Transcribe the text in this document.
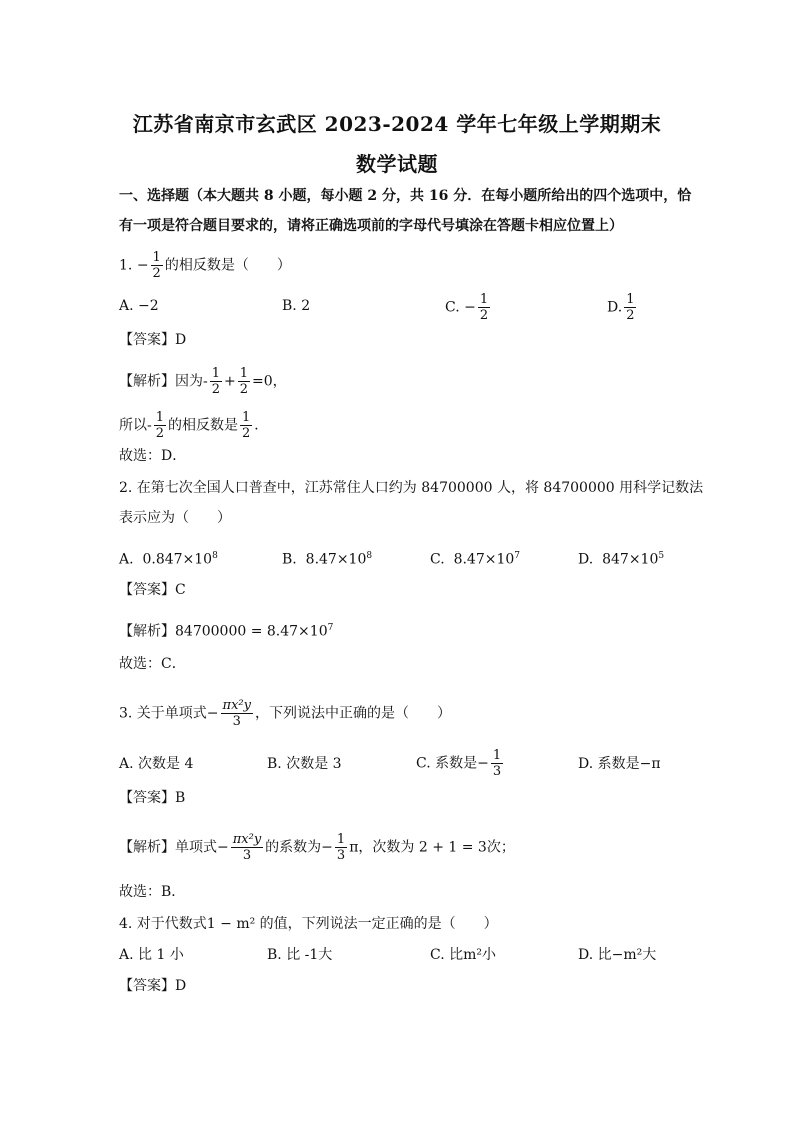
江苏省南京市玄武区 2023-2024 学年七年级上学期期末
数学试题
一、选择题（本大题共 8 小题，每小题 2 分，共 16 分．在每小题所给出的四个选项中，恰
有一项是符合题目要求的，请将正确选项前的字母代号填涂在答题卡相应位置上）
1. − $\frac{1}{2}$ 的相反数是（　　）
A. −2	B. 2	C. − $\frac{1}{2}$	D. $\frac{1}{2}$
【答案】D
【解析】因为- $\frac{1}{2} + \frac{1}{2} =0$，
所以- $\frac{1}{2}$ 的相反数是 $\frac{1}{2}$ ．
故选：D．
2. 在第七次全国人口普查中，江苏常住人口约为 84700000 人，将 84700000 用科学记数法
表示应为（　　）
A. $0.847\times 10^8$	B. $8.47\times 10^8$	C. $8.47\times 10^7$	D. $847\times 10^5$
【答案】C
【解析】$84700000 = 8.47\times 10^7$
故选：C．
3. 关于单项式− $\frac{\text{πx²y}}{3}$ ，下列说法中正确的是（　　）
A. 次数是 4	B. 次数是 3	C. 系数是− $\frac{1}{3}$	D. 系数是−π
【答案】B
【解析】单项式− $\frac{\text{πx²y}}{3}$ 的系数为− $\frac{1}{3}$ π，次数为 2 + 1 = 3次；
故选：B．
4. 对于代数式1 − m² 的值，下列说法一定正确的是（　　）
A. 比 1 小	B. 比 -1大	C. 比m²小	D. 比−m²大
【答案】D
